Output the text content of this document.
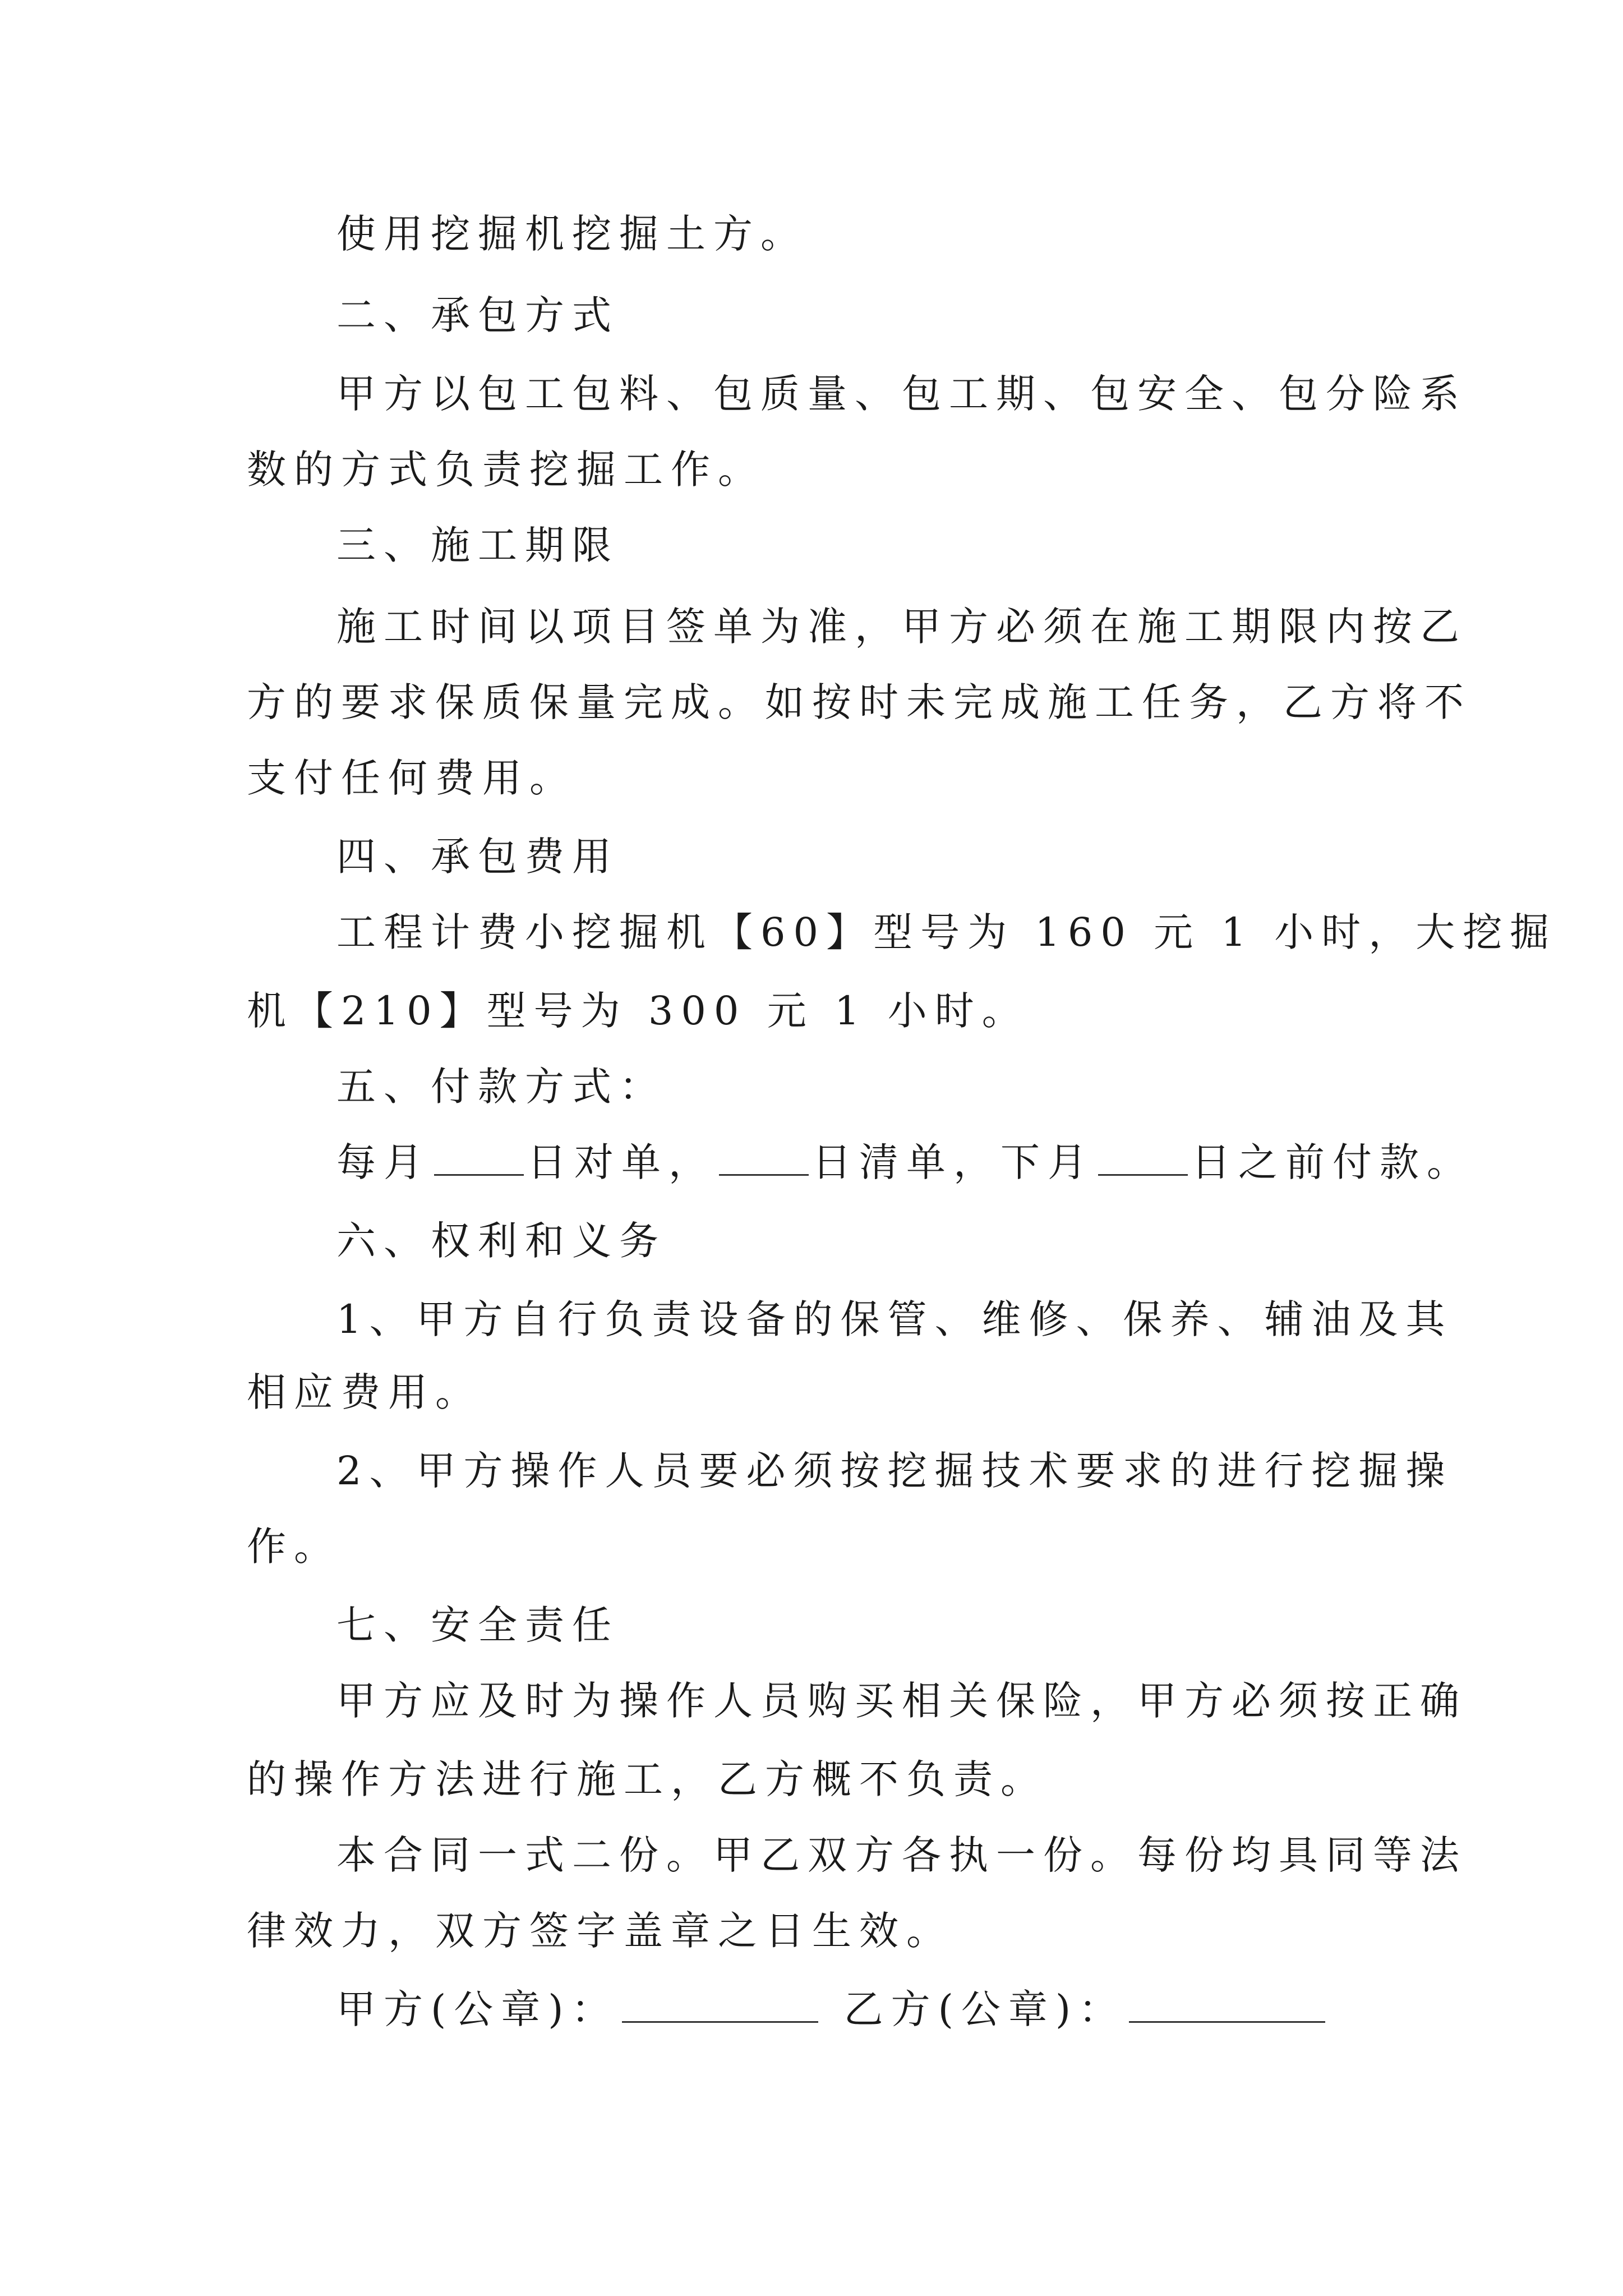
使用挖掘机挖掘土方。
二、承包方式
甲方以包工包料、包质量、包工期、包安全、包分险系
数的方式负责挖掘工作。
三、施工期限
施工时间以项目签单为准，甲方必须在施工期限内按乙
方的要求保质保量完成。如按时未完成施工任务，乙方将不
支付任何费用。
四、承包费用
工程计费小挖掘机【60】型号为 160 元 1 小时，大挖掘
机【210】型号为 300 元 1 小时。
五、付款方式：
每月 日对单， 日清单，下月 日之前付款。
六、权利和义务
1、甲方自行负责设备的保管、维修、保养、辅油及其
相应费用。
2、甲方操作人员要必须按挖掘技术要求的进行挖掘操
作。
七、安全责任
甲方应及时为操作人员购买相关保险，甲方必须按正确
的操作方法进行施工，乙方概不负责。
本合同一式二份。甲乙双方各执一份。每份均具同等法
律效力，双方签字盖章之日生效。
甲方(公章)：	乙方(公章)：
